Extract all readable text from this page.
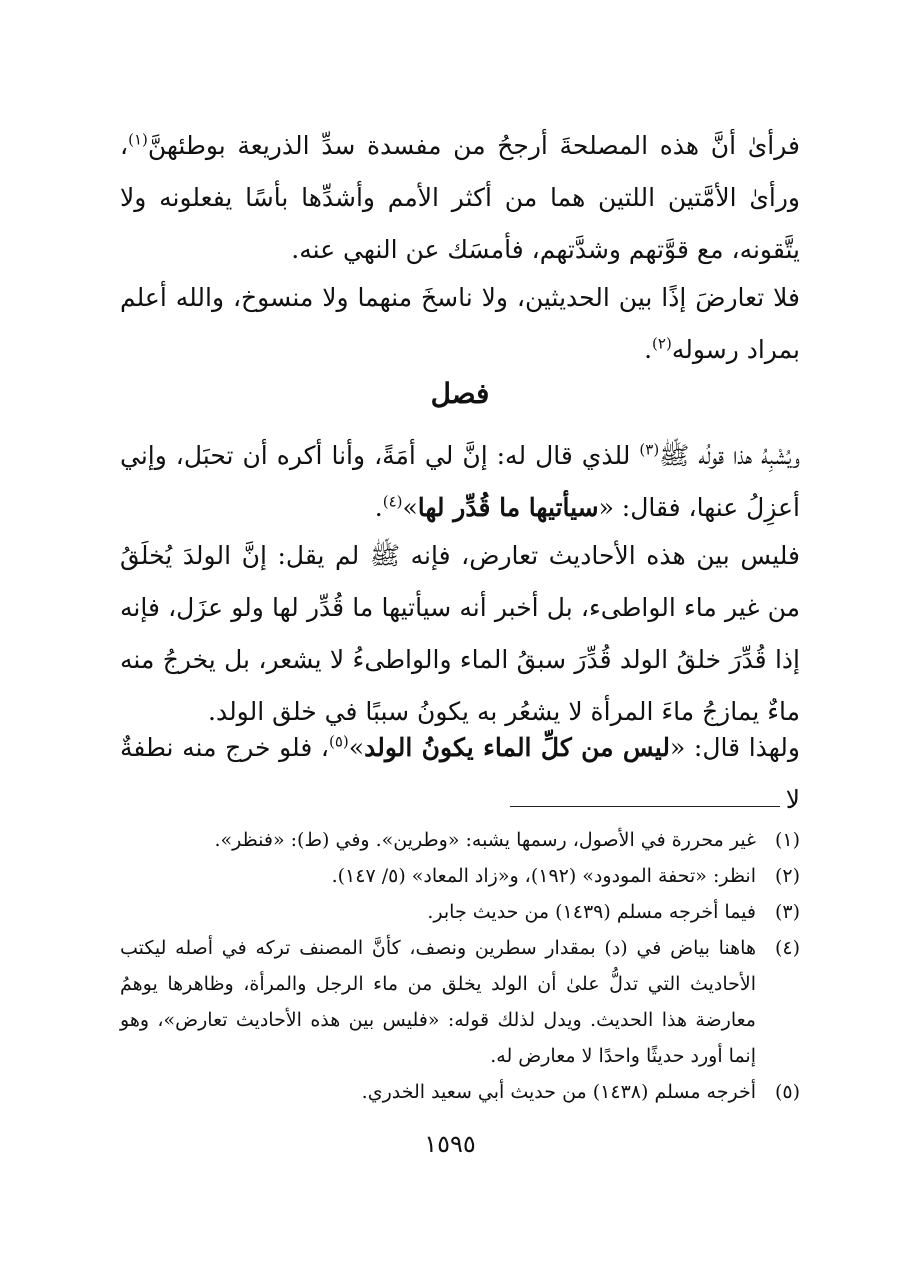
فرأىٰ أنَّ هذه المصلحةَ أرجحُ من مفسدة سدِّ الذريعة بوطئهنَّ$^{(١)}$، ورأىٰ الأمَّتين اللتين هما من أكثر الأمم وأشدِّها بأسًا يفعلونه ولا يتَّقونه، مع قوَّتهم وشدَّتهم، فأمسَك عن النهي عنه.

فلا تعارضَ إذًا بين الحديثين، ولا ناسخَ منهما ولا منسوخ، والله أعلم بمراد رسوله$^{(٢)}$.

فصل

ويُشْبِهُ هذا قولُه ﷺ$^{(٣)}$ للذي قال له: إنَّ لي أمَةً، وأنا أكره أن تحبَل، وإني أعزِلُ عنها، فقال: «سيأتيها ما قُدِّر لها»$^{(٤)}$.

فليس بين هذه الأحاديث تعارض، فإنه ﷺ لم يقل: إنَّ الولدَ يُخلَقُ من غير ماء الواطىء، بل أخبر أنه سيأتيها ما قُدِّر لها ولو عزَل، فإنه إذا قُدِّرَ خلقُ الولد قُدِّرَ سبقُ الماء والواطىءُ لا يشعر، بل يخرجُ منه ماءٌ يمازجُ ماءَ المرأة لا يشعُر به يكونُ سببًا في خلق الولد.

ولهذا قال: «ليس من كلِّ الماء يكونُ الولد»$^{(٥)}$، فلو خرج منه نطفةٌ لا

(١)
غير محررة في الأصول، رسمها يشبه: «وطرين». وفي (ط): «فنظر».
(٢)
انظر: «تحفة المودود» (١٩٢)، و«زاد المعاد» (٥/ ١٤٧).
(٣)
فيما أخرجه مسلم (١٤٣٩) من حديث جابر.
(٤)
هاهنا بياض في (د) بمقدار سطرين ونصف، كأنَّ المصنف تركه في أصله ليكتب الأحاديث التي تدلُّ علىٰ أن الولد يخلق من ماء الرجل والمرأة، وظاهرها يوهمُ معارضة هذا الحديث. ويدل لذلك قوله: «فليس بين هذه الأحاديث تعارض»، وهو إنما أورد حديثًا واحدًا لا معارض له.
(٥)
أخرجه مسلم (١٤٣٨) من حديث أبي سعيد الخدري.
١٥٩٥
